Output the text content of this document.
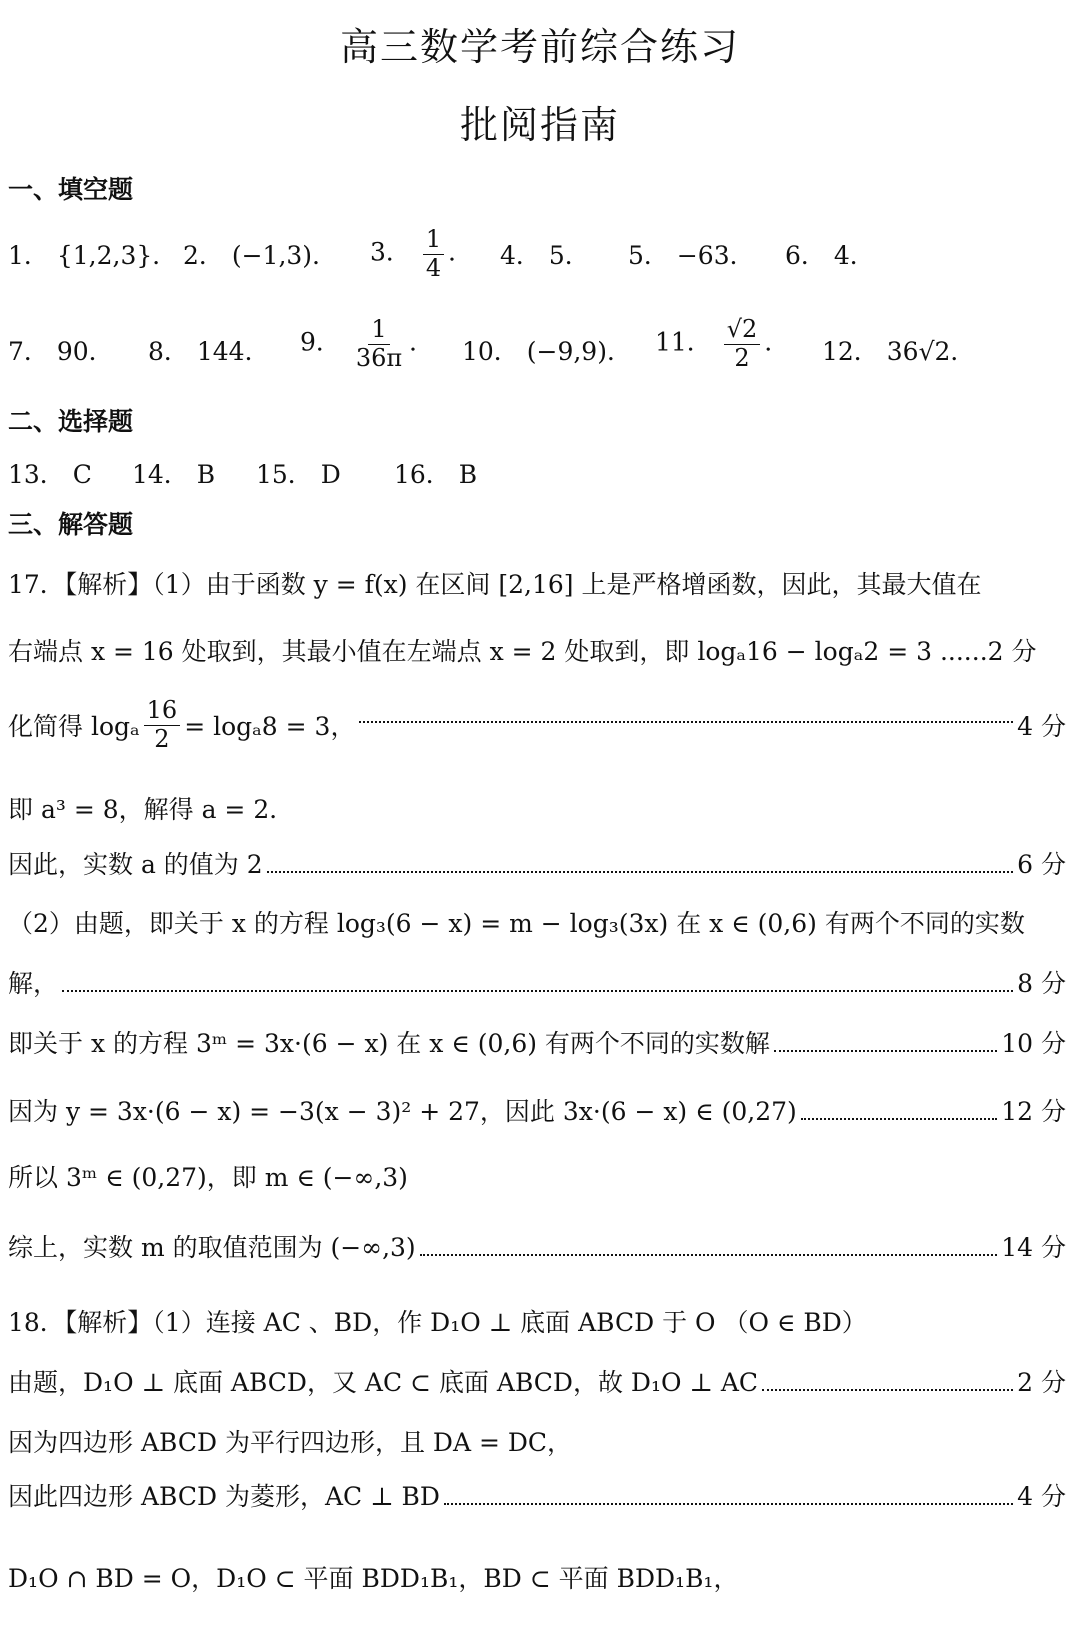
高三数学考前综合练习
批阅指南
一、填空题
1． {1,2,3}． 2． (−1,3)． 3． $\frac{1}{4}$ ． 4． 5． 5． −63． 6． 4．
7． 90． 8． 144． 9． $\frac{1}{36\pi}$ ． 10． (−9,9)． 11． $\frac{√2}{2}$ ． 12． 36√2．
二、选择题
13． C 14． B 15． D 16． B
三、解答题
17．【解析】（1）由于函数 y = f(x) 在区间 [2,16] 上是严格增函数，因此，其最大值在
右端点 x = 16 处取到，其最小值在左端点 x = 2 处取到，即 logₐ16 − logₐ2 = 3 ......2 分
化简得 logₐ $\frac{16}{2} = \log_a8 = 3$，	4 分
即 a³ = 8，解得 a = 2．
因此，实数 a 的值为 2	6 分
（2）由题，即关于 x 的方程 log₃(6 − x) = m − log₃(3x) 在 x ∈ (0,6) 有两个不同的实数
解，	8 分
即关于 x 的方程 3ᵐ = 3x·(6 − x) 在 x ∈ (0,6) 有两个不同的实数解	10 分
因为 y = 3x·(6 − x) = −3(x − 3)² + 27，因此 3x·(6 − x) ∈ (0,27)	12 分
所以 3ᵐ ∈ (0,27)，即 m ∈ (−∞,3)
综上，实数 m 的取值范围为 (−∞,3)	14 分
18．【解析】（1）连接 AC 、BD，作 D₁O ⊥ 底面 ABCD 于 O （O ∈ BD）
由题，D₁O ⊥ 底面 ABCD，又 AC ⊂ 底面 ABCD，故 D₁O ⊥ AC	2 分
因为四边形 ABCD 为平行四边形，且 DA = DC，
因此四边形 ABCD 为菱形，AC ⊥ BD	4 分
D₁O ∩ BD = O，D₁O ⊂ 平面 BDD₁B₁，BD ⊂ 平面 BDD₁B₁，
